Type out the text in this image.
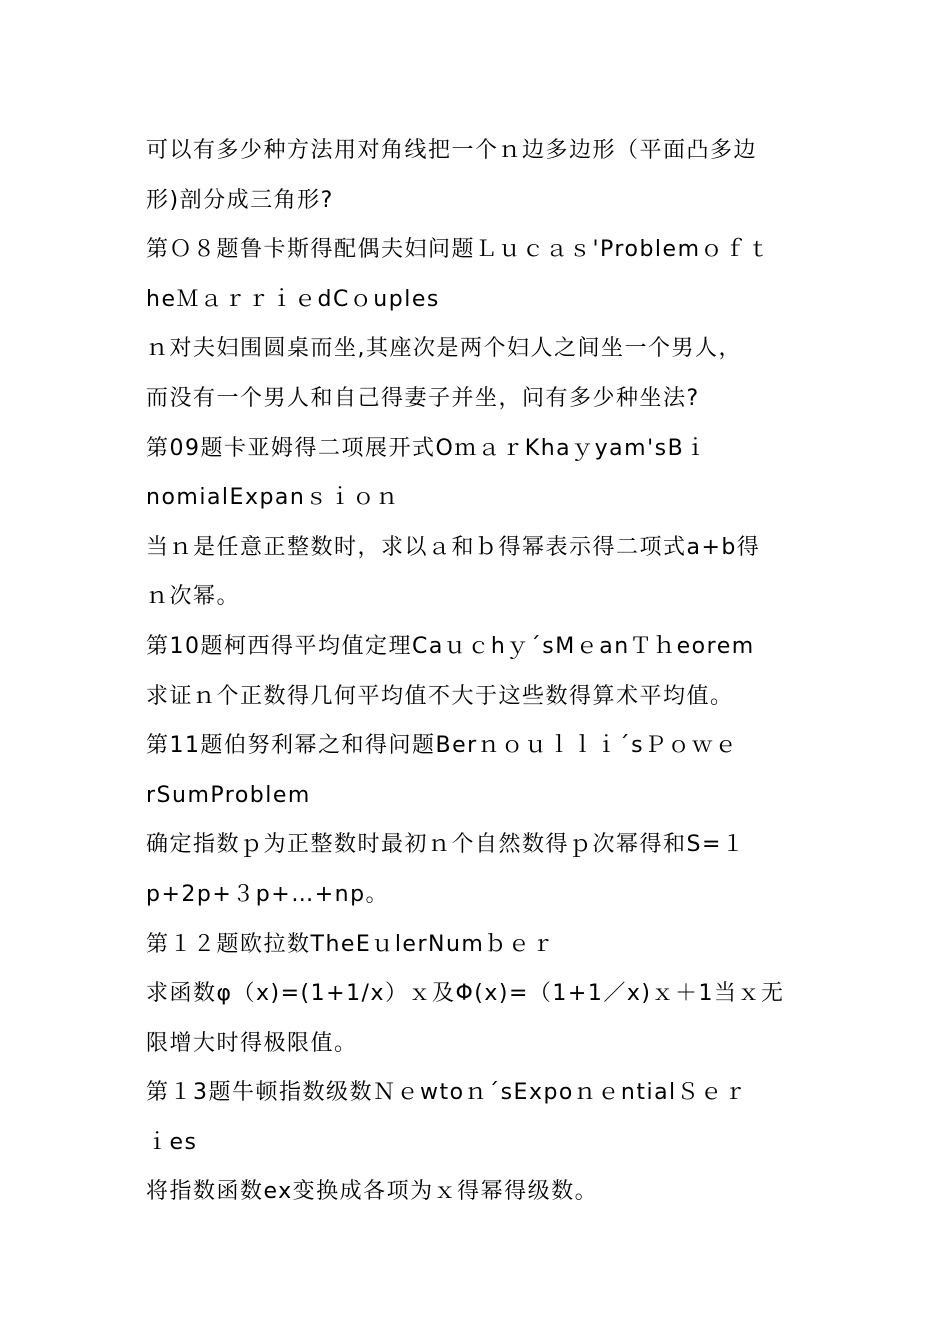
可以有多少种方法用对角线把一个ｎ边多边形（平面凸多边
形)剖分成三角形?
第Ｏ８题鲁卡斯得配偶夫妇问题Ｌｕｃａｓ'Problemｏｆｔ
heＭａｒｒｉｅdCｏuples
ｎ对夫妇围圆桌而坐,其座次是两个妇人之间坐一个男人，
而没有一个男人和自己得妻子并坐，问有多少种坐法?
第09题卡亚姆得二项展开式OｍａｒKhaｙyam'sBｉ
nomialExpanｓｉｏｎ
当ｎ是任意正整数时，求以ａ和ｂ得幂表示得二项式a+b得
ｎ次幂。
第10题柯西得平均值定理CaｕｃhｙˊsMｅanＴｈeorem
求证ｎ个正数得几何平均值不大于这些数得算术平均值。
第11题伯努利幂之和得问题BerｎｏｕｌｌｉˊsＰｏｗｅ
rSumProblem
确定指数ｐ为正整数时最初ｎ个自然数得ｐ次幂得和S=１
p+2p+３p+…+np。
第１２题欧拉数TheEｕlerNumｂｅｒ
求函数φ（x)=(1+1/x）ｘ及Φ(x)=（1+1／x)ｘ＋1当ｘ无
限增大时得极限值。
第１3题牛顿指数级数ＮｅwtoｎˊsExpoｎｅntialＳｅｒ
ｉes
将指数函数ex变换成各项为ｘ得幂得级数。
